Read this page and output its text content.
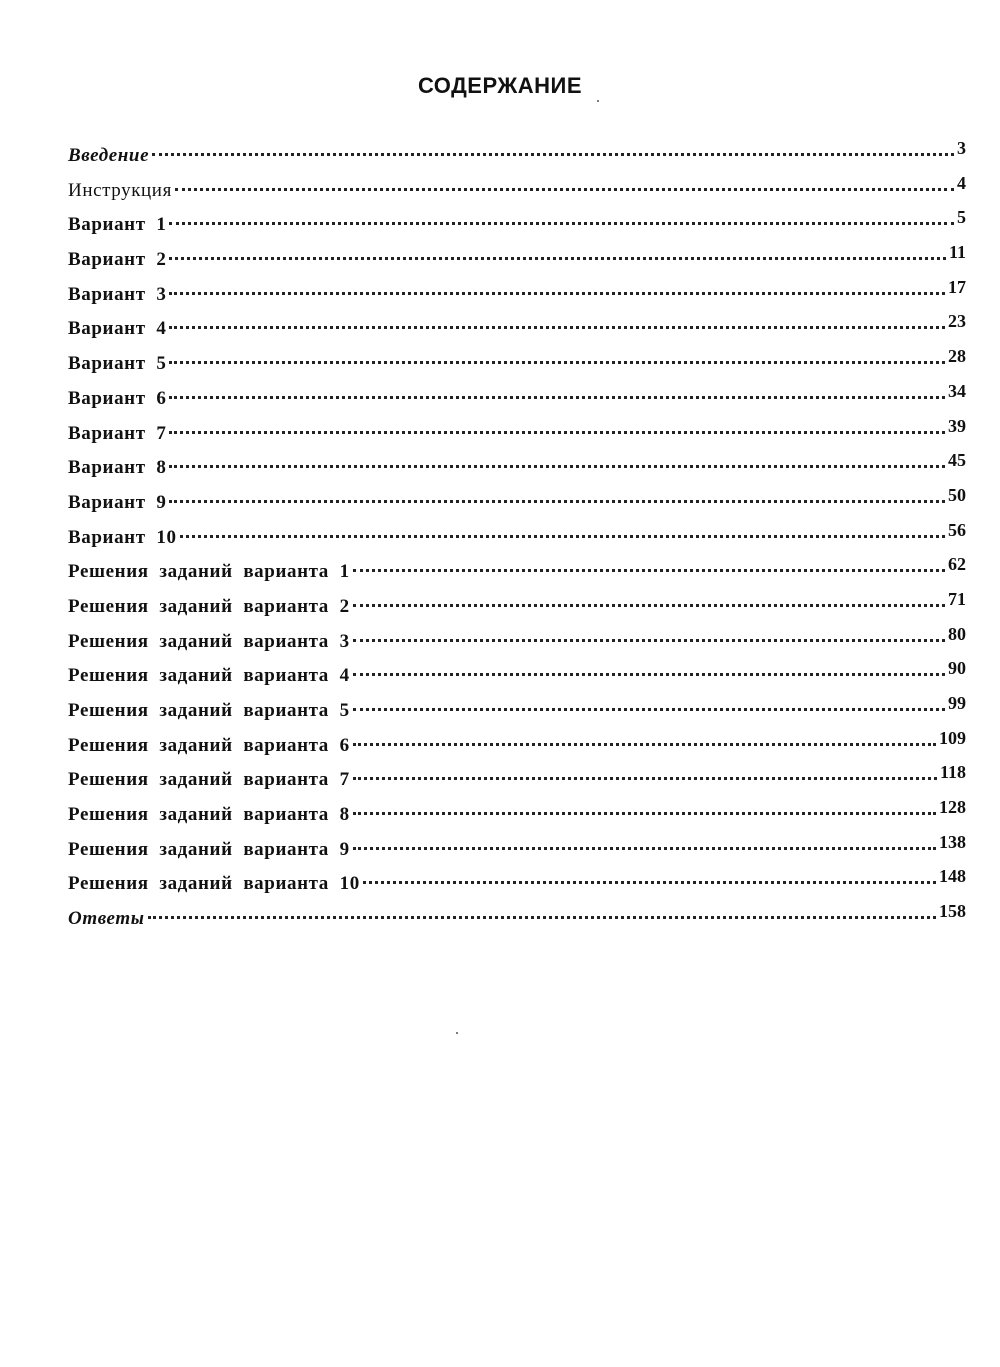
СОДЕРЖАНИЕ
Введение	3
Инструкция	4
Вариант  1	5
Вариант  2	11
Вариант  3	17
Вариант  4	23
Вариант  5	28
Вариант  6	34
Вариант  7	39
Вариант  8	45
Вариант  9	50
Вариант  10	56
Решения  заданий  варианта  1	62
Решения  заданий  варианта  2	71
Решения  заданий  варианта  3	80
Решения  заданий  варианта  4	90
Решения  заданий  варианта  5	99
Решения  заданий  варианта  6	109
Решения  заданий  варианта  7	118
Решения  заданий  варианта  8	128
Решения  заданий  варианта  9	138
Решения  заданий  варианта  10	148
Ответы	158
